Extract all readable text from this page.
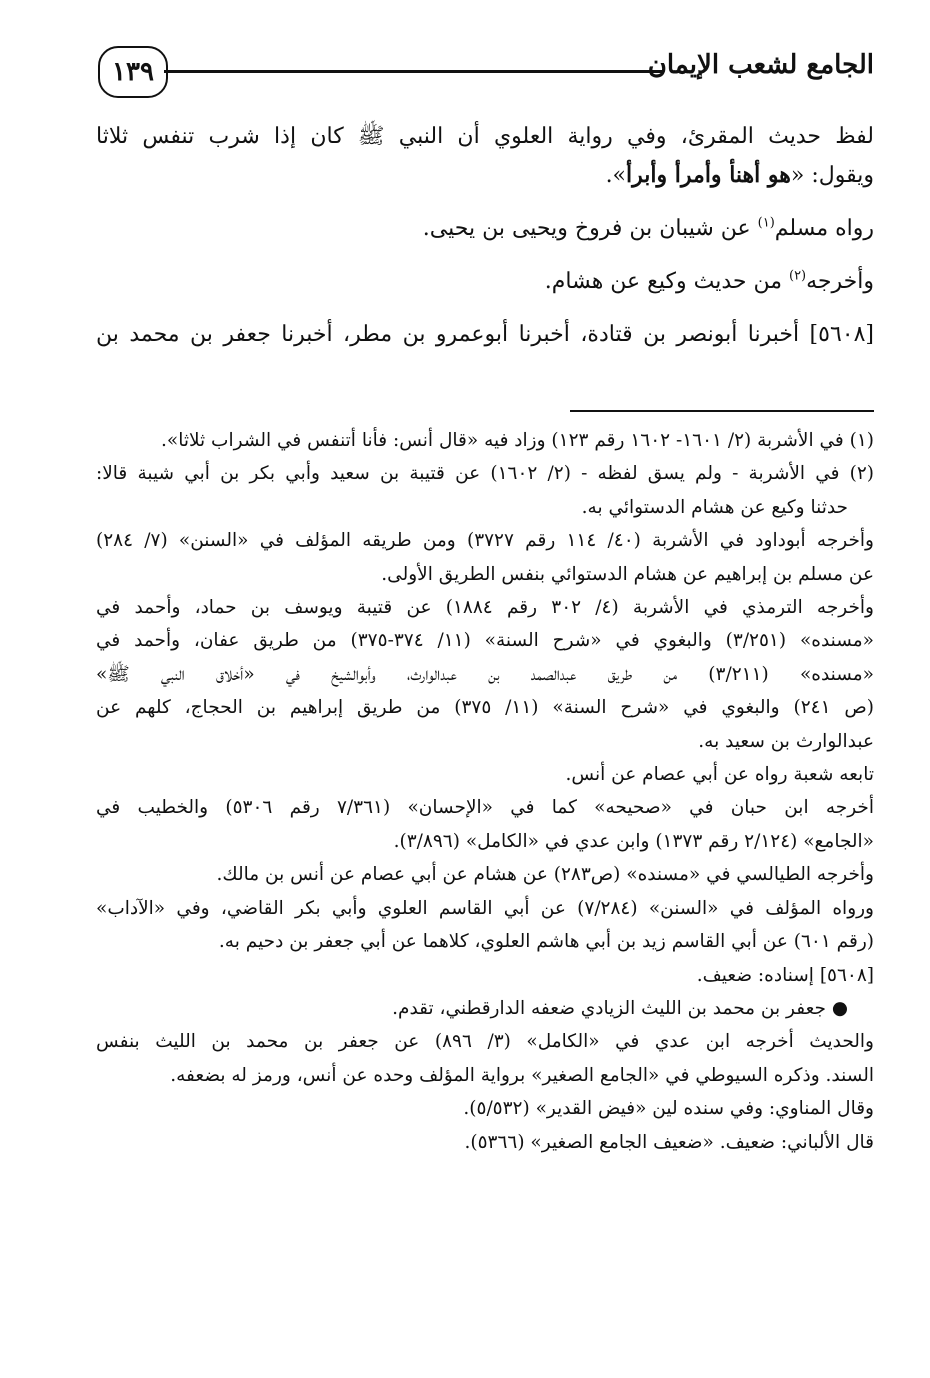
١٣٩	الجامع لشعب الإيمان

لفظ حديث المقرئ، وفي رواية العلوي أن النبي ﷺ كان إذا شرب تنفس ثلاثا

ويقول: «هو أهنأ وأمرأ وأبرأ».

رواه مسلم$^{(١)}$ عن شيبان بن فروخ ويحيى بن يحيى.

وأخرجه$^{(٢)}$ من حديث وكيع عن هشام.

[٥٦٠٨] أخبرنا أبونصر بن قتادة، أخبرنا أبوعمرو بن مطر، أخبرنا جعفر بن محمد بن

(١) في الأشربة (٢/ ١٦٠١- ١٦٠٢ رقم ١٢٣) وزاد فيه «قال أنس: فأنا أتنفس في الشراب ثلاثا».

(٢) في الأشربة - ولم يسق لفظه - (٢/ ١٦٠٢) عن قتيبة بن سعيد وأبي بكر بن أبي شيبة قالا:

حدثنا وكيع عن هشام الدستوائي به.

وأخرجه أبوداود في الأشربة (٤٠/ ١١٤ رقم ٣٧٢٧) ومن طريقه المؤلف في «السنن» (٧/ ٢٨٤)

عن مسلم بن إبراهيم عن هشام الدستوائي بنفس الطريق الأولى.

وأخرجه الترمذي في الأشربة (٤/ ٣٠٢ رقم ١٨٨٤) عن قتيبة ويوسف بن حماد، وأحمد في

«مسنده» (٣/٢٥١) والبغوي في «شرح السنة» (١١/ ٣٧٤-٣٧٥) من طريق عفان، وأحمد في

«مسنده» (٣/٢١١) من طريق عبدالصمد بن عبدالوارث، وأبوالشيخ في «أخلاق النبي ﷺ»

(ص ٢٤١) والبغوي في «شرح السنة» (١١/ ٣٧٥) من طريق إبراهيم بن الحجاج، كلهم عن

عبدالوارث بن سعيد به.

تابعه شعبة رواه عن أبي عصام عن أنس.

أخرجه ابن حبان في «صحيحه» كما في «الإحسان» (٧/٣٦١ رقم ٥٣٠٦) والخطيب في

«الجامع» (٢/١٢٤ رقم ١٣٧٣) وابن عدي في «الكامل» (٣/٨٩٦).

وأخرجه الطيالسي في «مسنده» (ص٢٨٣) عن هشام عن أبي عصام عن أنس بن مالك.

ورواه المؤلف في «السنن» (٧/٢٨٤) عن أبي القاسم العلوي وأبي بكر القاضي، وفي «الآداب»

(رقم ٦٠١) عن أبي القاسم زيد بن أبي هاشم العلوي، كلاهما عن أبي جعفر بن دحيم به.

[٥٦٠٨] إسناده: ضعيف.

● جعفر بن محمد بن الليث الزيادي ضعفه الدارقطني، تقدم.

والحديث أخرجه ابن عدي في «الكامل» (٣/ ٨٩٦) عن جعفر بن محمد بن الليث بنفس

السند. وذكره السيوطي في «الجامع الصغير» برواية المؤلف وحده عن أنس، ورمز له بضعفه.

وقال المناوي: وفي سنده لين «فيض القدير» (٥/٥٣٢).

قال الألباني: ضعيف. «ضعيف الجامع الصغير» (٥٣٦٦).
